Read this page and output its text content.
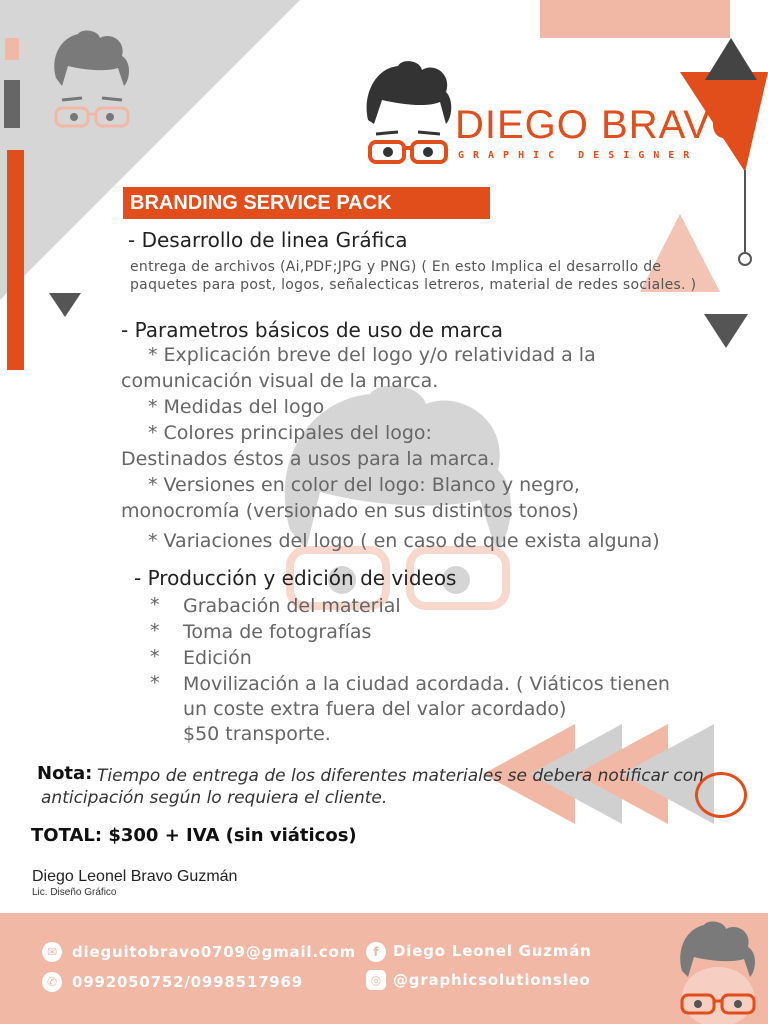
DIEGO BRAVO
GRAPHIC DESIGNER
BRANDING SERVICE PACK
- Desarrollo de linea Gráfica
entrega de archivos (Ai,PDF;JPG y PNG) ( En esto Implica el desarrollo de paquetes para post, logos, señalecticas letreros, material de redes sociales. )
- Parametros básicos de uso de marca
* Explicación breve del logo y/o relatividad a la
comunicación visual de la marca.
* Medidas del logo
* Colores principales del logo:
Destinados éstos a usos para la marca.
* Versiones en color del logo: Blanco y negro,
monocromía (versionado en sus distintos tonos)
* Variaciones del logo ( en caso de que exista alguna)
- Producción y edición de videos
* Grabación del material
* Toma de fotografías
* Edición
* Movilización a la ciudad acordada. ( Viáticos tienen
un coste extra fuera del valor acordado)
$50 transporte.
Nota: Tiempo de entrega de los diferentes materiales se debera notificar con anticipación según lo requiera el cliente.
TOTAL: $300 + IVA (sin viáticos)
Diego Leonel Bravo Guzmán
Lic. Diseño Gráfico
✉ dieguitobravo0709@gmail.com
✆ 0992050752/0998517969
f Diego Leonel Guzmán
◎ @graphicsolutionsleo
